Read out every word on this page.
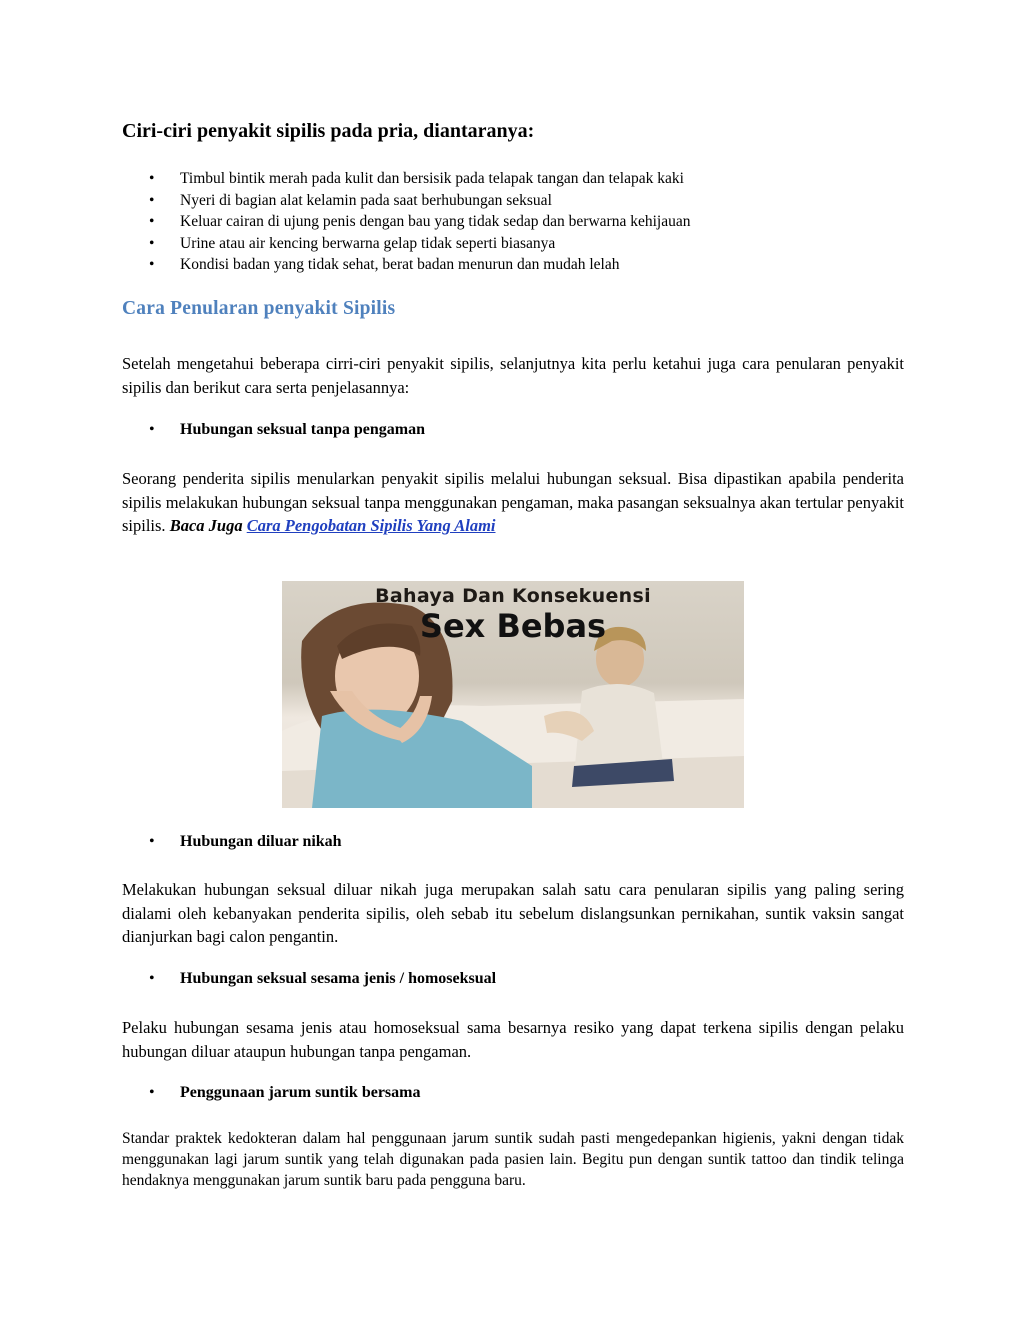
Ciri-ciri penyakit sipilis pada pria, diantaranya:
• Timbul bintik merah pada kulit dan bersisik pada telapak tangan dan telapak kaki
• Nyeri di bagian alat kelamin pada saat berhubungan seksual
• Keluar cairan di ujung penis dengan bau yang tidak sedap dan berwarna kehijauan
• Urine atau air kencing berwarna gelap tidak seperti biasanya
• Kondisi badan yang tidak sehat, berat badan menurun dan mudah lelah
Cara Penularan penyakit Sipilis

Setelah mengetahui beberapa cirri-ciri penyakit sipilis, selanjutnya kita perlu ketahui juga cara penularan penyakit sipilis dan berikut cara serta penjelasannya:

• Hubungan seksual tanpa pengaman

Seorang penderita sipilis menularkan penyakit sipilis melalui hubungan seksual. Bisa dipastikan apabila penderita sipilis melakukan hubungan seksual tanpa menggunakan pengaman, maka pasangan seksualnya akan tertular penyakit sipilis. Baca Juga Cara Pengobatan Sipilis Yang Alami

Bahaya Dan Konsekuensi
Sex Bebas
• Hubungan diluar nikah

Melakukan hubungan seksual diluar nikah juga merupakan salah satu cara penularan sipilis yang paling sering dialami oleh kebanyakan penderita sipilis, oleh sebab itu sebelum dislangsunkan pernikahan, suntik vaksin sangat dianjurkan bagi calon pengantin.

• Hubungan seksual sesama jenis / homoseksual

Pelaku hubungan sesama jenis atau homoseksual sama besarnya resiko yang dapat terkena sipilis dengan pelaku hubungan diluar ataupun hubungan tanpa pengaman.

• Penggunaan jarum suntik bersama

Standar praktek kedokteran dalam hal penggunaan jarum suntik sudah pasti mengedepankan higienis, yakni dengan tidak menggunakan lagi jarum suntik yang telah digunakan pada pasien lain. Begitu pun dengan suntik tattoo dan tindik telinga hendaknya menggunakan jarum suntik baru pada pengguna baru.
